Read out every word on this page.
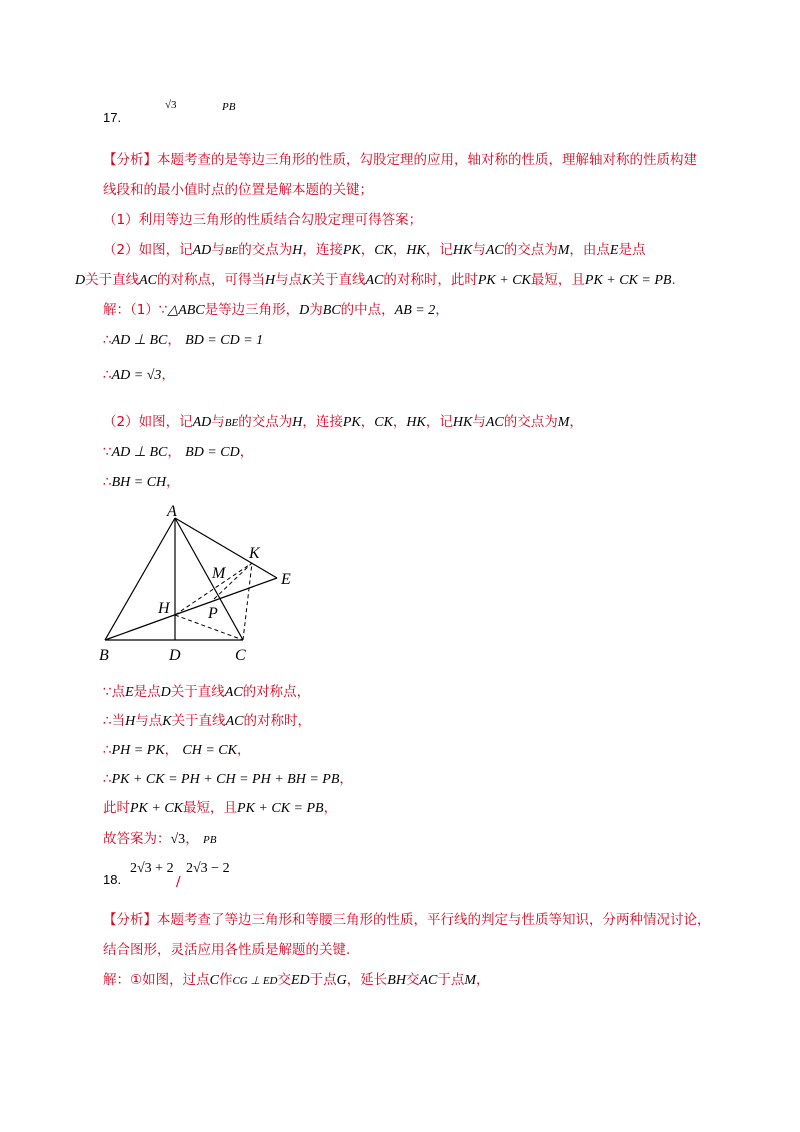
17.
√3	PB
【分析】本题考查的是等边三角形的性质，勾股定理的应用，轴对称的性质，理解轴对称的性质构建
线段和的最小值时点的位置是解本题的关键；
（1）利用等边三角形的性质结合勾股定理可得答案；
（2）如图，记AD与BE的交点为H，连接PK，CK，HK，记HK与AC的交点为M，由点E是点
D关于直线AC的对称点，可得当H与点K关于直线AC的对称时，此时PK + CK最短，且PK + CK = PB.
解：（1）∵△ABC是等边三角形，D为BC的中点，AB = 2，
∴AD ⊥ BC， BD = CD = 1
∴AD = √3，
（2）如图，记AD与BE的交点为H，连接PK，CK，HK，记HK与AC的交点为M，
∵AD ⊥ BC， BD = CD，
∴BH = CH，
A
B	D	C
E
K
M
H P
∵点E是点D关于直线AC的对称点，
∴当H与点K关于直线AC的对称时，
∴PH = PK， CH = CK，
∴PK + CK = PH + CH = PH + BH = PB，
此时PK + CK最短，且PK + CK = PB，
故答案为：√3， PB
18.
2√3 + 2
/
2√3 − 2
【分析】本题考查了等边三角形和等腰三角形的性质，平行线的判定与性质等知识，分两种情况讨论，
结合图形，灵活应用各性质是解题的关键.
解：①如图，过点C作CG ⊥ ED交ED于点G，延长BH交AC于点M，
